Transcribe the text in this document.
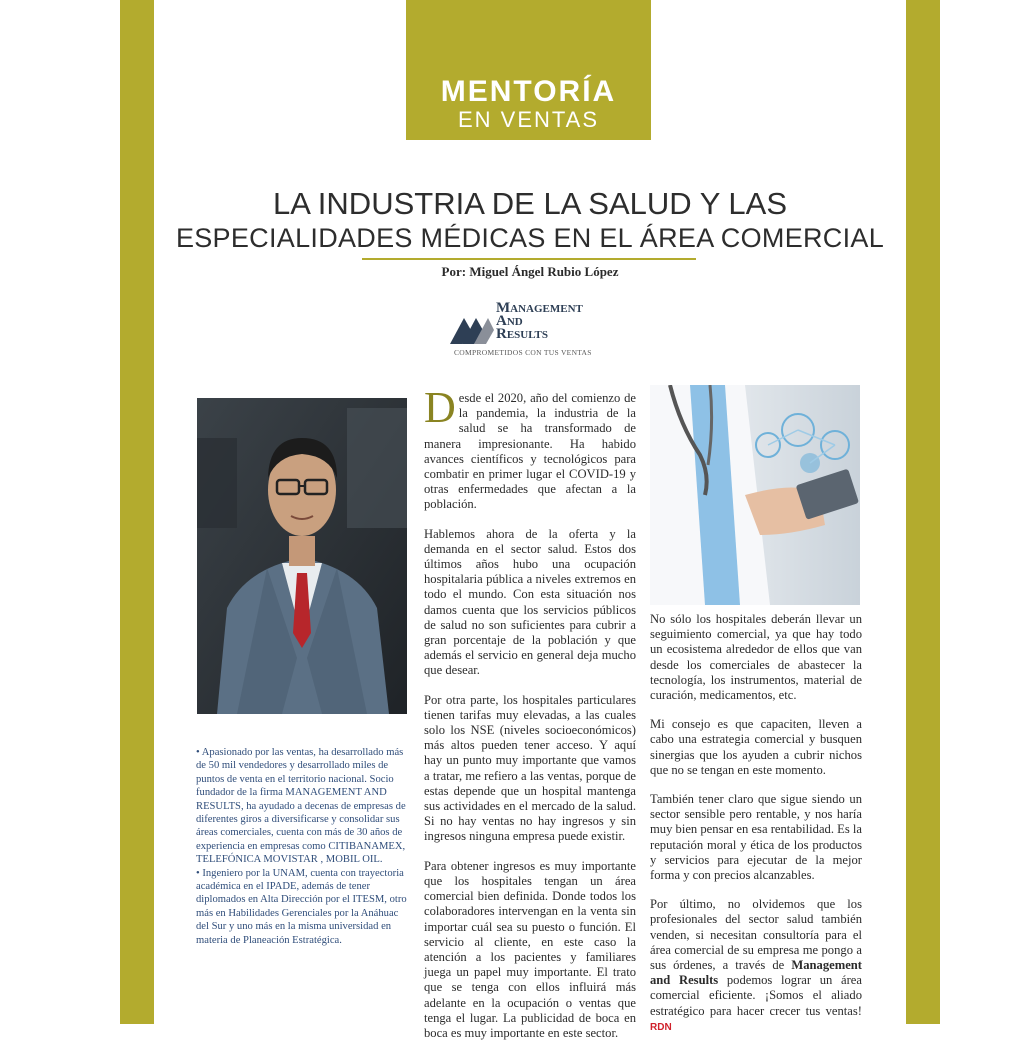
MENTORÍA
EN VENTAS
LA INDUSTRIA DE LA SALUD Y LAS
ESPECIALIDADES MÉDICAS EN EL ÁREA COMERCIAL
Por: Miguel Ángel Rubio López
Management
And
Results
COMPROMETIDOS CON TUS VENTAS

• Apasionado por las ventas, ha desarrollado más de 50 mil vendedores y desarrollado miles de puntos de venta en el territorio nacional. Socio fundador de la firma MANAGEMENT AND RESULTS, ha ayudado a decenas de empresas de diferentes giros a diversificarse y consolidar sus áreas comerciales, cuenta con más de 30 años de experiencia en empresas como CITIBANAMEX, TELEFÓNICA MOVISTAR , MOBIL OIL.

• Ingeniero por la UNAM, cuenta con trayectoria académica en el IPADE, además de tener diplomados en Alta Dirección por el ITESM, otro más en Habilidades Gerenciales por la Anáhuac del Sur y uno más en la misma universidad en materia de Planeación Estratégica.

Desde el 2020, año del comienzo de la pandemia, la industria de la salud se ha transformado de manera impresionante. Ha habido avances científicos y tecnológicos para combatir en primer lugar el COVID-19 y otras enfermedades que afectan a la población.

Hablemos ahora de la oferta y la demanda en el sector salud. Estos dos últimos años hubo una ocupación hospitalaria pública a niveles extremos en todo el mundo. Con esta situación nos damos cuenta que los servicios públicos de salud no son suficientes para cubrir a gran porcentaje de la población y que además el servicio en general deja mucho que desear.

Por otra parte, los hospitales particulares tienen tarifas muy elevadas, a las cuales solo los NSE (niveles socioeconómicos) más altos pueden tener acceso. Y aquí hay un punto muy importante que vamos a tratar, me refiero a las ventas, porque de estas depende que un hospital mantenga sus actividades en el mercado de la salud. Si no hay ventas no hay ingresos y sin ingresos ninguna empresa puede existir.

Para obtener ingresos es muy importante que los hospitales tengan un área comercial bien definida. Donde todos los colaboradores intervengan en la venta sin importar cuál sea su puesto o función. El servicio al cliente, en este caso la atención a los pacientes y familiares juega un papel muy importante. El trato que se tenga con ellos influirá más adelante en la ocupación o ventas que tenga el lugar. La publicidad de boca en boca es muy importante en este sector.

No sólo los hospitales deberán llevar un seguimiento comercial, ya que hay todo un ecosistema alrededor de ellos que van desde los comerciales de abastecer la tecnología, los instrumentos, material de curación, medicamentos, etc.

Mi consejo es que capaciten, lleven a cabo una estrategia comercial y busquen sinergias que los ayuden a cubrir nichos que no se tengan en este momento.

También tener claro que sigue siendo un sector sensible pero rentable, y nos haría muy bien pensar en esa rentabilidad. Es la reputación moral y ética de los productos y servicios para ejecutar de la mejor forma y con precios alcanzables.

Por último, no olvidemos que los profesionales del sector salud también venden, si necesitan consultoría para el área comercial de su empresa me pongo a sus órdenes, a través de Management and Results podemos lograr un área comercial eficiente. ¡Somos el aliado estratégico para hacer crecer tus ventas! RDN
